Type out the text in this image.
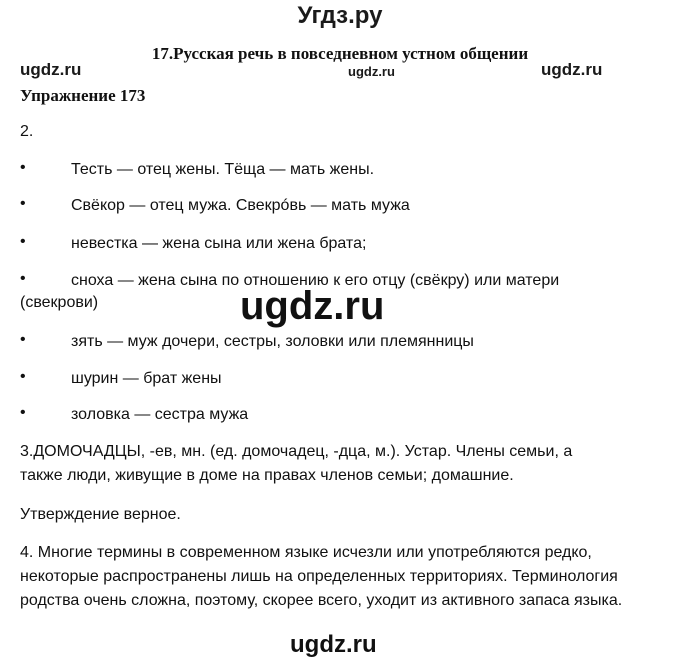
Угдз.ру
17.Русская речь в повседневном устном общении
ugdz.ru	ugdz.ru	ugdz.ru
Упражнение 173
2.
•	Тесть — отец жены. Тёща — мать жены.
•	Свёкор — отец мужа. Свекрóвь — мать мужа
•	невестка — жена сына или жена брата;
•	сноха — жена сына по отношению к его отцу (свёкру) или матери
(свекрови)	ugdz.ru
•	зять — муж дочери, сестры, золовки или племянницы
•	шурин — брат жены
•	золовка — сестра мужа
3.ДОМОЧАДЦЫ, -ев, мн. (ед. домочадец, -дца, м.). Устар. Члены семьи, а
также люди, живущие в доме на правах членов семьи; домашние.
Утверждение верное.
4. Многие термины в современном языке исчезли или употребляются редко,
некоторые распространены лишь на определенных территориях. Терминология
родства очень сложна, поэтому, скорее всего, уходит из активного запаса языка.
ugdz.ru
